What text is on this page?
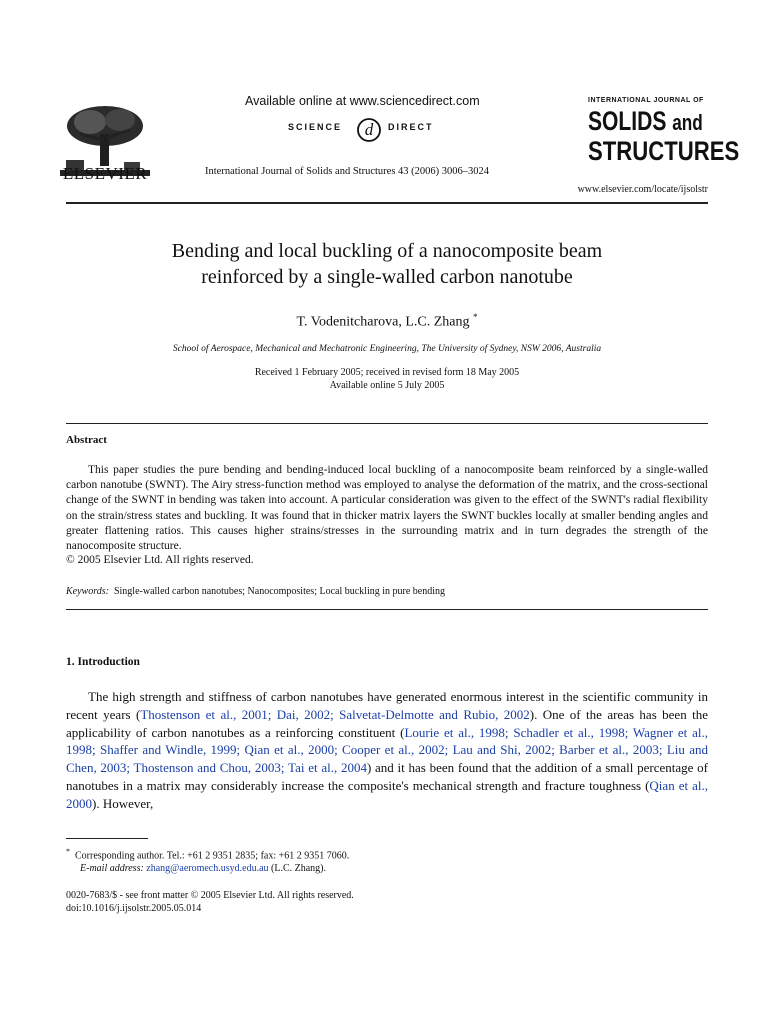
ELSEVIER
Available online at www.sciencedirect.com
SCIENCE d DIRECT
International Journal of Solids and Structures 43 (2006) 3006–3024
INTERNATIONAL JOURNAL OF
SOLIDS and
STRUCTURES
www.elsevier.com/locate/ijsolstr
Bending and local buckling of a nanocomposite beam
reinforced by a single-walled carbon nanotube
T. Vodenitcharova, L.C. Zhang *
School of Aerospace, Mechanical and Mechatronic Engineering, The University of Sydney, NSW 2006, Australia
Received 1 February 2005; received in revised form 18 May 2005
Available online 5 July 2005
Abstract
This paper studies the pure bending and bending-induced local buckling of a nanocomposite beam reinforced by a single-walled carbon nanotube (SWNT). The Airy stress-function method was employed to analyse the deformation of the matrix, and the cross-sectional change of the SWNT in bending was taken into account. A particular consideration was given to the effect of the SWNT's radial flexibility on the strain/stress states and buckling. It was found that in thicker matrix layers the SWNT buckles locally at smaller bending angles and greater flattening ratios. This causes higher strains/stresses in the surrounding matrix and in turn degrades the strength of the nanocomposite structure.
© 2005 Elsevier Ltd. All rights reserved.
Keywords: Single-walled carbon nanotubes; Nanocomposites; Local buckling in pure bending
1. Introduction
The high strength and stiffness of carbon nanotubes have generated enormous interest in the scientific community in recent years (Thostenson et al., 2001; Dai, 2002; Salvetat-Delmotte and Rubio, 2002). One of the areas has been the applicability of carbon nanotubes as a reinforcing constituent (Lourie et al., 1998; Schadler et al., 1998; Wagner et al., 1998; Shaffer and Windle, 1999; Qian et al., 2000; Cooper et al., 2002; Lau and Shi, 2002; Barber et al., 2003; Liu and Chen, 2003; Thostenson and Chou, 2003; Tai et al., 2004) and it has been found that the addition of a small percentage of nanotubes in a matrix may considerably increase the composite's mechanical strength and fracture toughness (Qian et al., 2000). However,
* Corresponding author. Tel.: +61 2 9351 2835; fax: +61 2 9351 7060.
E-mail address: zhang@aeromech.usyd.edu.au (L.C. Zhang).
0020-7683/$ - see front matter © 2005 Elsevier Ltd. All rights reserved.
doi:10.1016/j.ijsolstr.2005.05.014
